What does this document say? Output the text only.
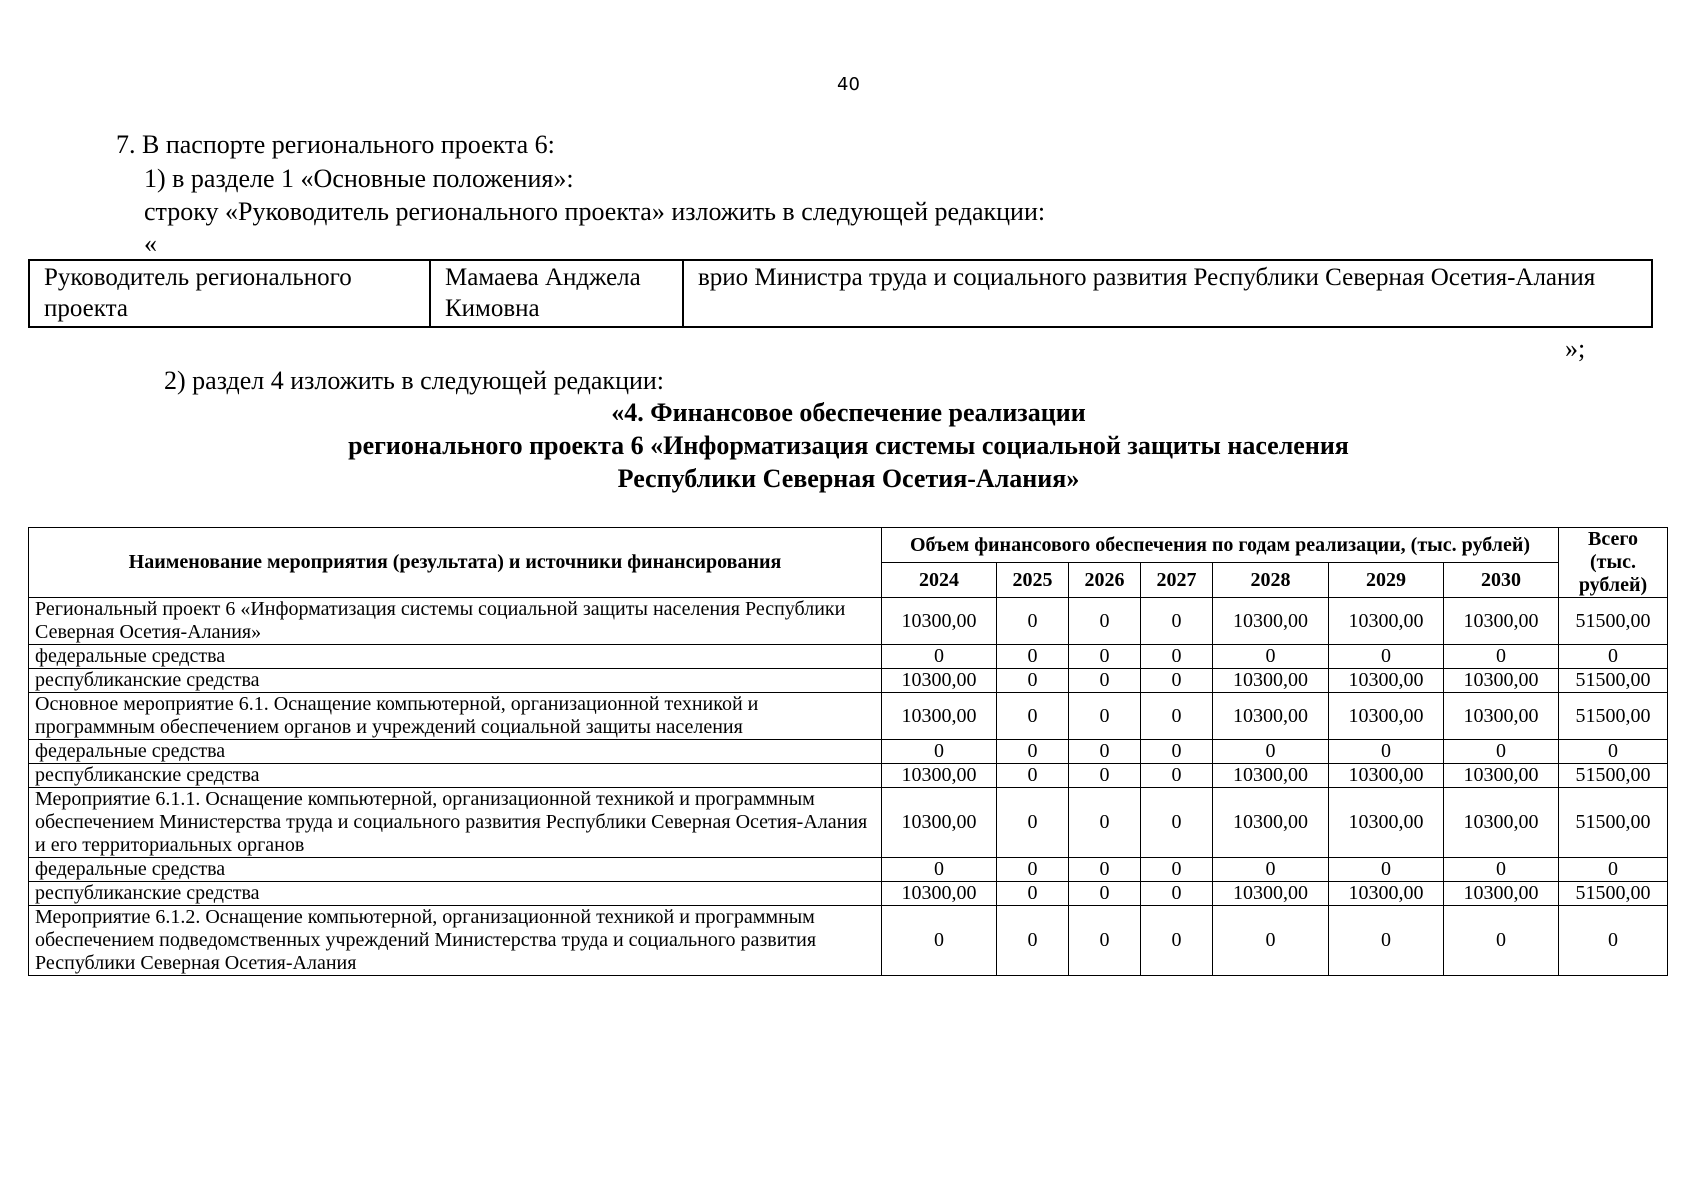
40
7. В паспорте регионального проекта 6:
1) в разделе 1 «Основные положения»:
строку «Руководитель регионального проекта» изложить в следующей редакции:
«
Руководитель регионального проекта	Мамаева Анджела Кимовна	врио Министра труда и социального развития Республики Северная Осетия-Алания
»;
2) раздел 4 изложить в следующей редакции:
«4. Финансовое обеспечение реализации
регионального проекта 6 «Информатизация системы социальной защиты населения
Республики Северная Осетия-Алания»
Наименование мероприятия (результата) и источники финансирования	Объем финансового обеспечения по годам реализации, (тыс. рублей)							Всего (тыс. рублей)
	2024	2025	2026	2027	2028	2029	2030	
Региональный проект 6 «Информатизация системы социальной защиты населения Республики Северная Осетия-Алания»	10300,00	0	0	0	10300,00	10300,00	10300,00	51500,00
федеральные средства	0	0	0	0	0	0	0	0
республиканские средства	10300,00	0	0	0	10300,00	10300,00	10300,00	51500,00
Основное мероприятие 6.1. Оснащение компьютерной, организационной техникой и программным обеспечением органов и учреждений социальной защиты населения	10300,00	0	0	0	10300,00	10300,00	10300,00	51500,00
федеральные средства	0	0	0	0	0	0	0	0
республиканские средства	10300,00	0	0	0	10300,00	10300,00	10300,00	51500,00
Мероприятие 6.1.1. Оснащение компьютерной, организационной техникой и программным обеспечением Министерства труда и социального развития Республики Северная Осетия-Алания и его территориальных органов	10300,00	0	0	0	10300,00	10300,00	10300,00	51500,00
федеральные средства	0	0	0	0	0	0	0	0
республиканские средства	10300,00	0	0	0	10300,00	10300,00	10300,00	51500,00
Мероприятие 6.1.2. Оснащение компьютерной, организационной техникой и программным обеспечением подведомственных учреждений Министерства труда и социального развития Республики Северная Осетия-Алания	0	0	0	0	0	0	0	0
